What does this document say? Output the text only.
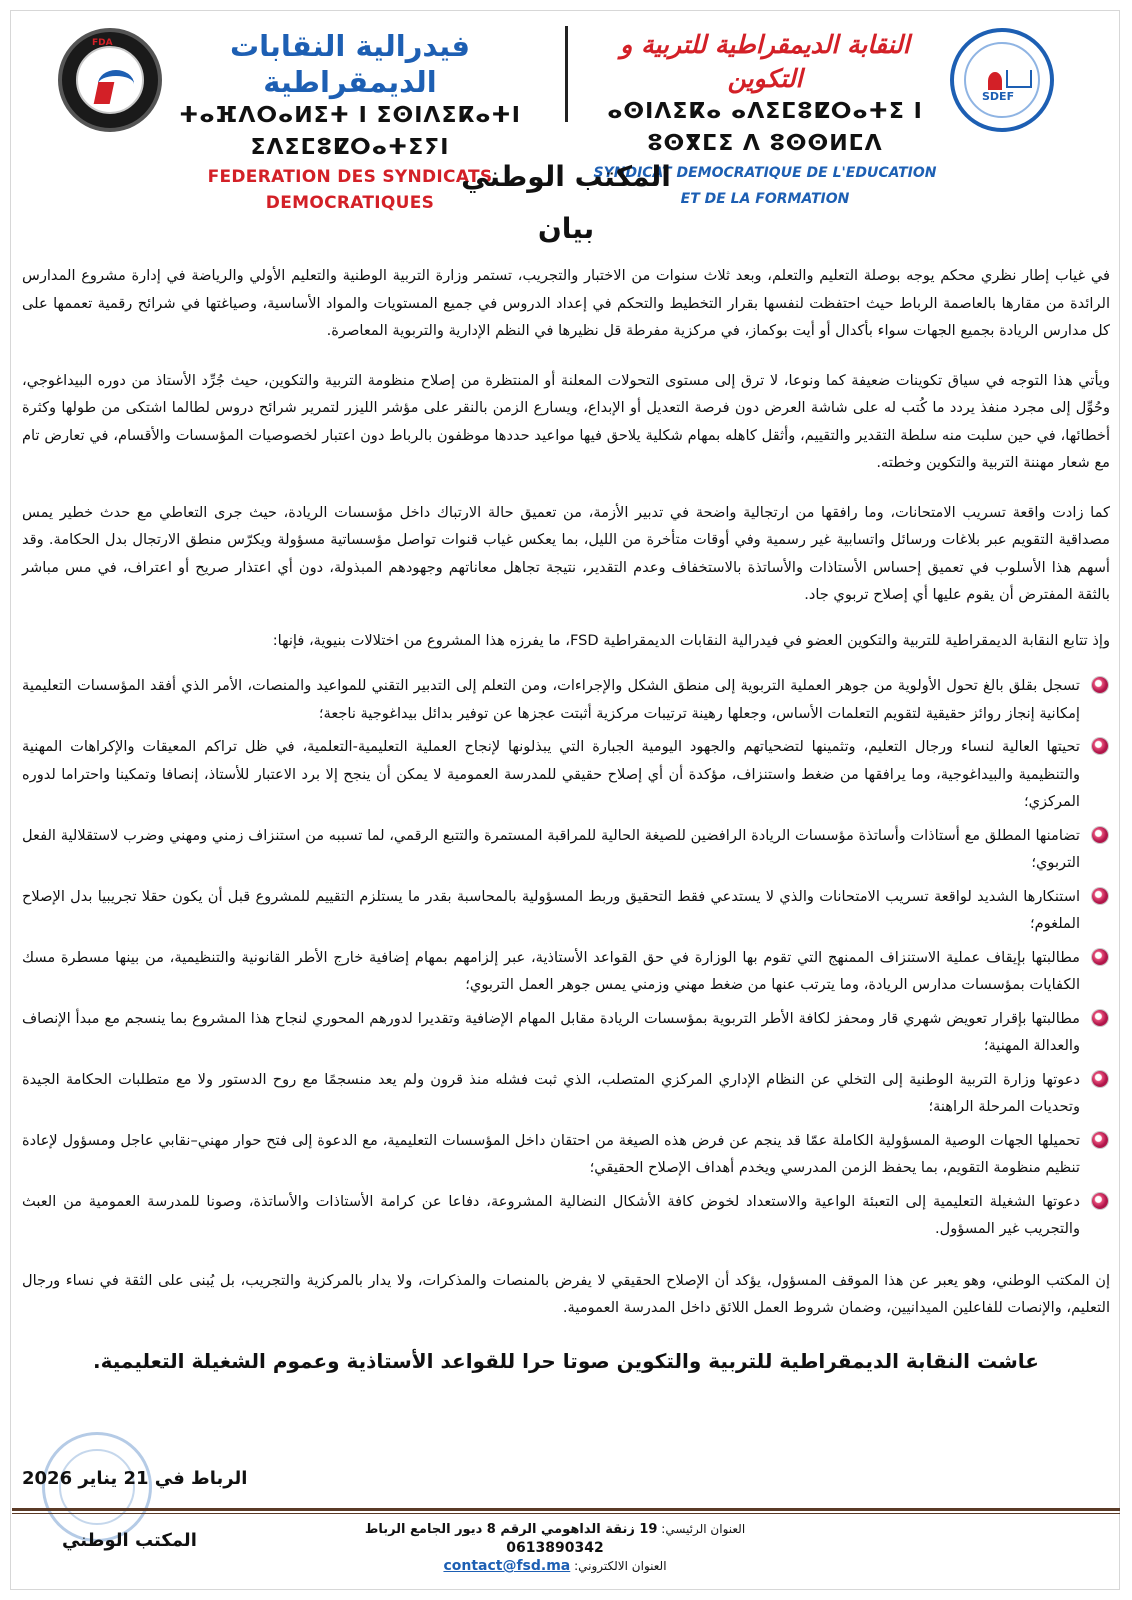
FDA	فيدرالية النقابات الديمقراطية
ⵜⴰⴼⴷⵔⴰⵍⵉⵜ ⵏ ⵉⵙⵏⴷⵉⴽⴰⵜⵏ ⵉⴷⵉⵎⵓⵇⵔⴰⵜⵉⵢⵏ
FEDERATION DES SYNDICATS DEMOCRATIQUES
النقابة الديمقراطية للتربية و التكوين
ⴰⵙⵏⴷⵉⴽⴰ ⴰⴷⵉⵎⵓⵇⵔⴰⵜⵉ ⵏ ⵓⵙⴳⵎⵉ ⴷ ⵓⵙⵙⵍⵎⴷ
SYNDICAT DEMOCRATIQUE DE L'EDUCATION ET DE LA FORMATION
SDEF
المكتب الوطني
بيان

في غياب إطار نظري محكم يوجه بوصلة التعليم والتعلم، وبعد ثلاث سنوات من الاختبار والتجريب، تستمر وزارة التربية الوطنية والتعليم الأولي والرياضة في إدارة مشروع المدارس الرائدة من مقارها بالعاصمة الرباط حيث احتفظت لنفسها بقرار التخطيط والتحكم في إعداد الدروس في جميع المستويات والمواد الأساسية، وصياغتها في شرائح رقمية تعممها على كل مدارس الريادة بجميع الجهات سواء بأكدال أو أيت بوكماز، في مركزية مفرطة قل نظيرها في النظم الإدارية والتربوية المعاصرة.

ويأتي هذا التوجه في سياق تكوينات ضعيفة كما ونوعا، لا ترق إلى مستوى التحولات المعلنة أو المنتظرة من إصلاح منظومة التربية والتكوين، حيث جُرِّد الأستاذ من دوره البيداغوجي، وحُوِّل إلى مجرد منفذ يردد ما كُتب له على شاشة العرض دون فرصة التعديل أو الإبداع، ويسارع الزمن بالنقر على مؤشر الليزر لتمرير شرائح دروس لطالما اشتكى من طولها وكثرة أخطائها، في حين سلبت منه سلطة التقدير والتقييم، وأثقل كاهله بمهام شكلية يلاحق فيها مواعيد حددها موظفون بالرباط دون اعتبار لخصوصيات المؤسسات والأقسام، في تعارض تام مع شعار مهننة التربية والتكوين وخطته.

كما زادت واقعة تسريب الامتحانات، وما رافقها من ارتجالية واضحة في تدبير الأزمة، من تعميق حالة الارتباك داخل مؤسسات الريادة، حيث جرى التعاطي مع حدث خطير يمس مصداقية التقويم عبر بلاغات ورسائل واتسابية غير رسمية وفي أوقات متأخرة من الليل، بما يعكس غياب قنوات تواصل مؤسساتية مسؤولة ويكرّس منطق الارتجال بدل الحكامة. وقد أسهم هذا الأسلوب في تعميق إحساس الأستاذات والأساتذة بالاستخفاف وعدم التقدير، نتيجة تجاهل معاناتهم وجهودهم المبذولة، دون أي اعتذار صريح أو اعتراف، في مس مباشر بالثقة المفترض أن يقوم عليها أي إصلاح تربوي جاد.

وإذ تتابع النقابة الديمقراطية للتربية والتكوين العضو في فيدرالية النقابات الديمقراطية FSD، ما يفرزه هذا المشروع من اختلالات بنيوية، فإنها:

تسجل بقلق بالغ تحول الأولوية من جوهر العملية التربوية إلى منطق الشكل والإجراءات، ومن التعلم إلى التدبير التقني للمواعيد والمنصات، الأمر الذي أفقد المؤسسات التعليمية إمكانية إنجاز روائز حقيقية لتقويم التعلمات الأساس، وجعلها رهينة ترتيبات مركزية أثبتت عجزها عن توفير بدائل بيداغوجية ناجعة؛
تحيتها العالية لنساء ورجال التعليم، وتثمينها لتضحياتهم والجهود اليومية الجبارة التي يبذلونها لإنجاح العملية التعليمية-التعلمية، في ظل تراكم المعيقات والإكراهات المهنية والتنظيمية والبيداغوجية، وما يرافقها من ضغط واستنزاف، مؤكدة أن أي إصلاح حقيقي للمدرسة العمومية لا يمكن أن ينجح إلا برد الاعتبار للأستاذ، إنصافا وتمكينا واحتراما لدوره المركزي؛
تضامنها المطلق مع أستاذات وأساتذة مؤسسات الريادة الرافضين للصيغة الحالية للمراقبة المستمرة والتتبع الرقمي، لما تسببه من استنزاف زمني ومهني وضرب لاستقلالية الفعل التربوي؛
استنكارها الشديد لواقعة تسريب الامتحانات والذي لا يستدعي فقط التحقيق وربط المسؤولية بالمحاسبة بقدر ما يستلزم التقييم للمشروع قبل أن يكون حقلا تجريبيا بدل الإصلاح الملغوم؛
مطالبتها بإيقاف عملية الاستنزاف الممنهج التي تقوم بها الوزارة في حق القواعد الأستاذية، عبر إلزامهم بمهام إضافية خارج الأطر القانونية والتنظيمية، من بينها مسطرة مسك الكفايات بمؤسسات مدارس الريادة، وما يترتب عنها من ضغط مهني وزمني يمس جوهر العمل التربوي؛
مطالبتها بإقرار تعويض شهري قار ومحفز لكافة الأطر التربوية بمؤسسات الريادة مقابل المهام الإضافية وتقديرا لدورهم المحوري لنجاح هذا المشروع بما ينسجم مع مبدأ الإنصاف والعدالة المهنية؛
دعوتها وزارة التربية الوطنية إلى التخلي عن النظام الإداري المركزي المتصلب، الذي ثبت فشله منذ قرون ولم يعد منسجمًا مع روح الدستور ولا مع متطلبات الحكامة الجيدة وتحديات المرحلة الراهنة؛
تحميلها الجهات الوصية المسؤولية الكاملة عمّا قد ينجم عن فرض هذه الصيغة من احتقان داخل المؤسسات التعليمية، مع الدعوة إلى فتح حوار مهني–نقابي عاجل ومسؤول لإعادة تنظيم منظومة التقويم، بما يحفظ الزمن المدرسي ويخدم أهداف الإصلاح الحقيقي؛
دعوتها الشغيلة التعليمية إلى التعبئة الواعية والاستعداد لخوض كافة الأشكال النضالية المشروعة، دفاعا عن كرامة الأستاذات والأساتذة، وصونا للمدرسة العمومية من العبث والتجريب غير المسؤول.

إن المكتب الوطني، وهو يعبر عن هذا الموقف المسؤول، يؤكد أن الإصلاح الحقيقي لا يفرض بالمنصات والمذكرات، ولا يدار بالمركزية والتجريب، بل يُبنى على الثقة في نساء ورجال التعليم، والإنصات للفاعلين الميدانيين، وضمان شروط العمل اللائق داخل المدرسة العمومية.

عاشت النقابة الديمقراطية للتربية والتكوين صوتا حرا للقواعد الأستاذية وعموم الشغيلة التعليمية.
الرباط في 21 يناير 2026
المكتب الوطني
العنوان الرئيسي: 19 زنقة الداهومي الرقم 8 ديور الجامع الرباط 0613890342
العنوان الالكتروني: contact@fsd.ma
